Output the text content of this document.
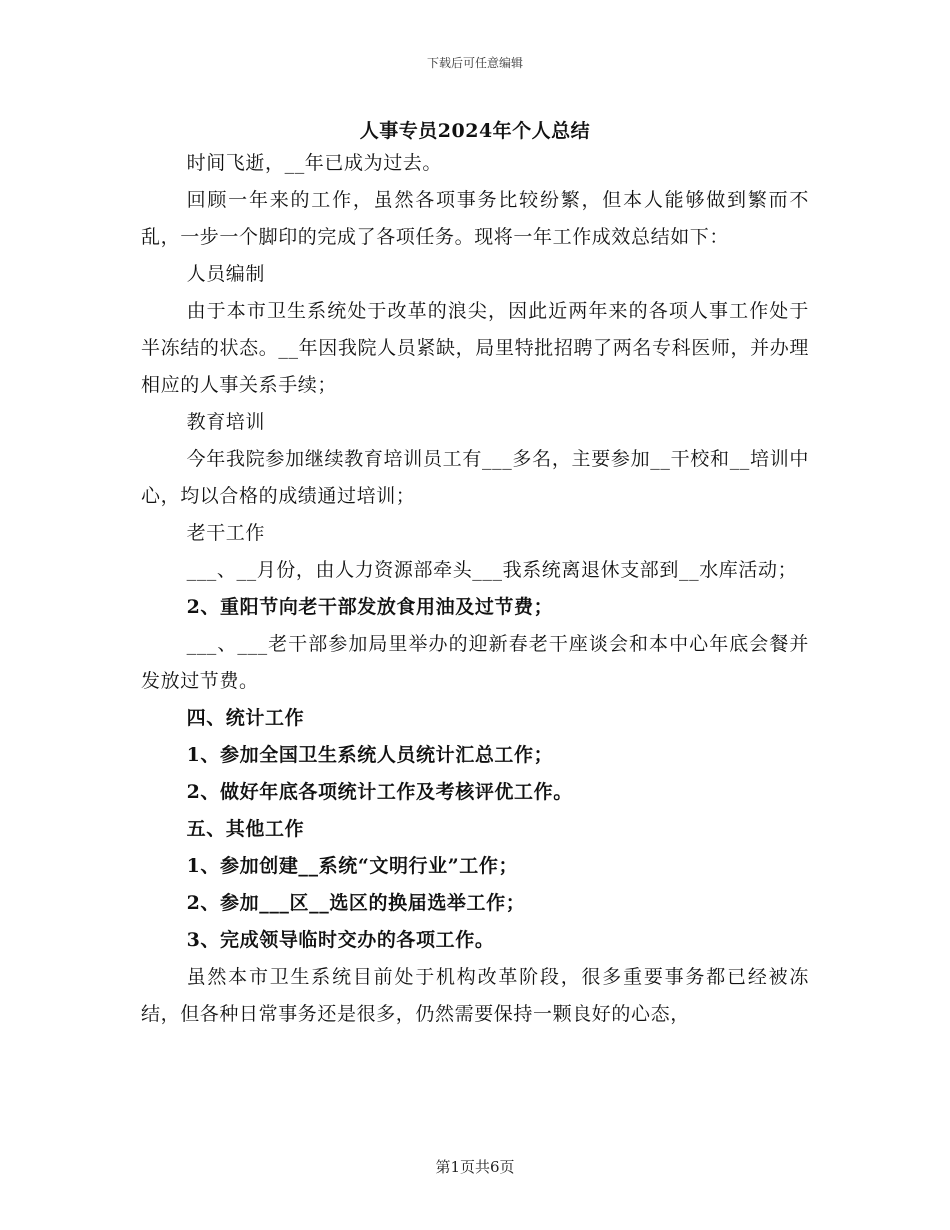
下载后可任意编辑
人事专员2024年个人总结

时间飞逝，__年已成为过去。

回顾一年来的工作，虽然各项事务比较纷繁，但本人能够做到繁而不乱，一步一个脚印的完成了各项任务。现将一年工作成效总结如下：

人员编制

由于本市卫生系统处于改革的浪尖，因此近两年来的各项人事工作处于半冻结的状态。__年因我院人员紧缺，局里特批招聘了两名专科医师，并办理相应的人事关系手续；

教育培训

今年我院参加继续教育培训员工有___多名，主要参加__干校和__培训中心，均以合格的成绩通过培训；

老干工作

___、__月份，由人力资源部牵头___我系统离退休支部到__水库活动；

2、重阳节向老干部发放食用油及过节费；

___、___老干部参加局里举办的迎新春老干座谈会和本中心年底会餐并发放过节费。

四、统计工作

1、参加全国卫生系统人员统计汇总工作；

2、做好年底各项统计工作及考核评优工作。

五、其他工作

1、参加创建__系统“文明行业”工作；

2、参加___区__选区的换届选举工作；

3、完成领导临时交办的各项工作。

虽然本市卫生系统目前处于机构改革阶段，很多重要事务都已经被冻结，但各种日常事务还是很多，仍然需要保持一颗良好的心态，

第1页共6页
